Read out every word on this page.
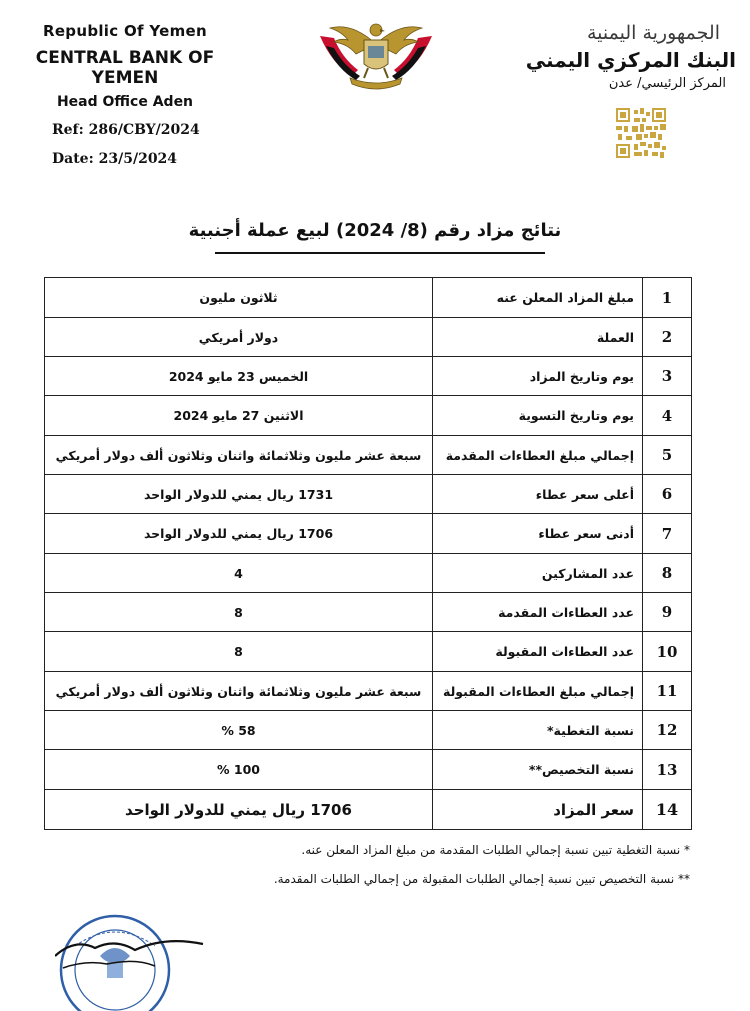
Republic Of Yemen
CENTRAL BANK OF YEMEN
Head Office Aden
Ref: 286/CBY/2024
Date: 23/5/2024
الجمهورية اليمنية
البنك المركزي اليمني
المركز الرئيسي/ عدن
نتائج مزاد رقم (8/ 2024) لبيع عملة أجنبية
1	مبلغ المزاد المعلن عنه	ثلاثون مليون
2	العملة	دولار أمريكي
3	يوم وتاريخ المزاد	الخميس 23 مايو 2024
4	يوم وتاريخ التسوية	الاثنين 27 مايو 2024
5	إجمالي مبلغ العطاءات المقدمة	سبعة عشر مليون وثلاثمائة واثنان وثلاثون ألف دولار أمريكي
6	أعلى سعر عطاء	1731 ريال يمني للدولار الواحد
7	أدنى سعر عطاء	1706 ريال يمني للدولار الواحد
8	عدد المشاركين	4
9	عدد العطاءات المقدمة	8
10	عدد العطاءات المقبولة	8
11	إجمالي مبلغ العطاءات المقبولة	سبعة عشر مليون وثلاثمائة واثنان وثلاثون ألف دولار أمريكي
12	نسبة التغطية*	58 %
13	نسبة التخصيص**	100 %
14	سعر المزاد	1706 ريال يمني للدولار الواحد
* نسبة التغطية تبين نسبة إجمالي الطلبات المقدمة من مبلغ المزاد المعلن عنه.
** نسبة التخصيص تبين نسبة إجمالي الطلبات المقبولة من إجمالي الطلبات المقدمة.
